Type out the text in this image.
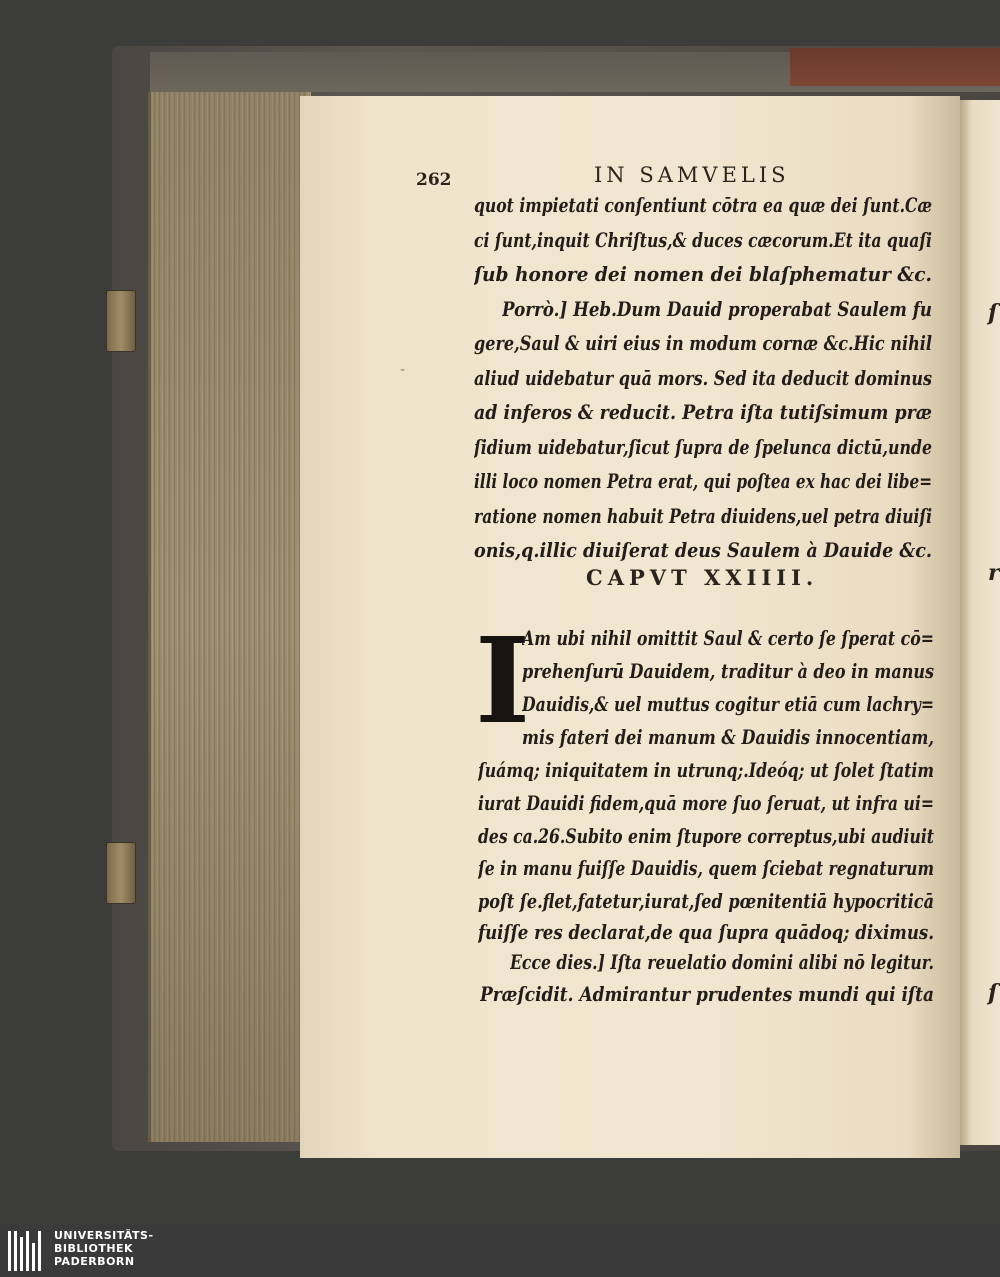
ſ
r
ſ
-
262	IN SAMVELIS
quot impietati conſentiunt cōtra ea quæ dei ſunt.Cæ
ci ſunt,inquit Chriſtus,& duces cæcorum.Et ita quaſi
ſub honore dei nomen dei blaſphematur &c.
Porrò.] Heb.Dum Dauid properabat Saulem fu
gere,Saul & uiri eius in modum cornæ &c.Hic nihil
aliud uidebatur quā mors. Sed ita deducit dominus
ad inferos & reducit. Petra iſta tutiſsimum præ
ſidium uidebatur,ſicut ſupra de ſpelunca dictū,unde
illi loco nomen Petra erat, qui poſtea ex hac dei libe=
ratione nomen habuit Petra diuidens,uel petra diuiſi
onis,q.illic diuiſerat deus Saulem à Dauide &c.
CAPVT XXIIII.
I
Am ubi nihil omittit Saul & certo ſe ſperat cō=
prehenſurū Dauidem, traditur à deo in manus
Dauidis,& uel muttus cogitur etiā cum lachry=
mis fateri dei manum & Dauidis innocentiam,
ſuámq; iniquitatem in utrunq;.Ideóq; ut ſolet ſtatim
iurat Dauidi fidem,quā more ſuo ſeruat, ut infra ui=
des ca.26.Subito enim ſtupore correptus,ubi audiuit
ſe in manu fuiſſe Dauidis, quem ſciebat regnaturum
poſt ſe.flet,fatetur,iurat,ſed pœnitentiā hypocriticā
fuiſſe res declarat,de qua ſupra quādoq; diximus.
Ecce dies.] Iſta reuelatio domini alibi nō legitur.
Præſcidit. Admirantur prudentes mundi qui iſta
UNIVERSITÄTS-
BIBLIOTHEK
PADERBORN
